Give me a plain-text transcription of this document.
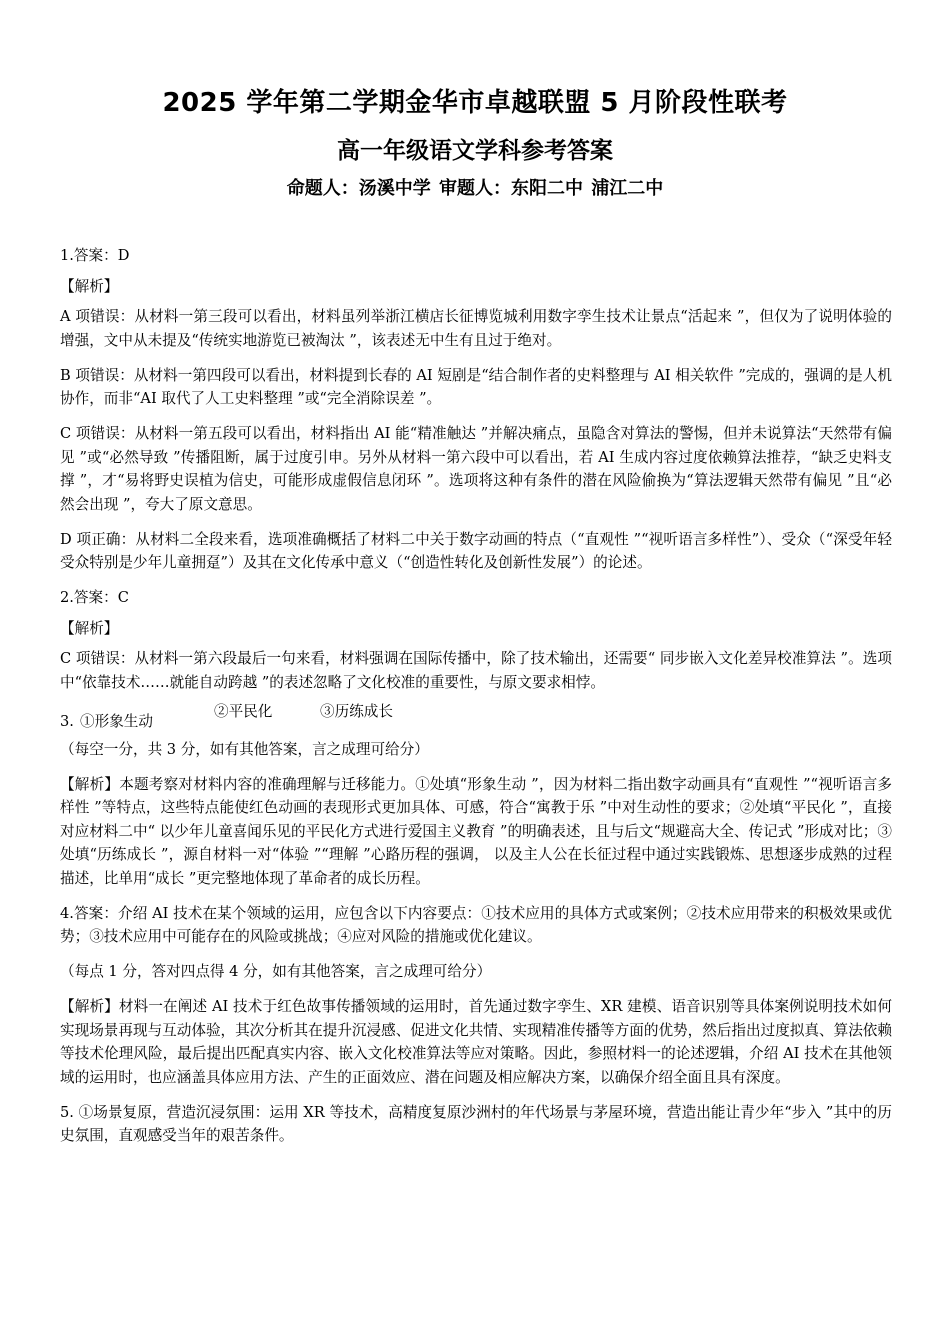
2025 学年第二学期金华市卓越联盟 5 月阶段性联考
高一年级语文学科参考答案
命题人：汤溪中学 审题人：东阳二中 浦江二中

1.答案：D

【解析】

A 项错误：从材料一第三段可以看出，材料虽列举浙江横店长征博览城利用数字孪生技术让景点“活起来 ”，但仅为了说明体验的增强，文中从未提及“传统实地游览已被淘汰 ”，该表述无中生有且过于绝对。

B 项错误：从材料一第四段可以看出，材料提到长春的 AI 短剧是“结合制作者的史料整理与 AI 相关软件 ”完成的，强调的是人机协作，而非“AI 取代了人工史料整理 ”或“完全消除误差 ”。

C 项错误：从材料一第五段可以看出，材料指出 AI 能“精准触达 ”并解决痛点，虽隐含对算法的警惕，但并未说算法“天然带有偏见 ”或“必然导致 ”传播阻断，属于过度引申。另外从材料一第六段中可以看出，若 AI 生成内容过度依赖算法推荐，“缺乏史料支撑 ”，才“易将野史误植为信史，可能形成虚假信息闭环 ”。选项将这种有条件的潜在风险偷换为“算法逻辑天然带有偏见 ”且“必然会出现 ”，夸大了原文意思。

D 项正确：从材料二全段来看，选项准确概括了材料二中关于数字动画的特点（“直观性 ”“视听语言多样性”）、受众（“深受年轻受众特别是少年儿童拥趸”）及其在文化传承中意义（“创造性转化及创新性发展”）的论述。

2.答案：C

【解析】

C 项错误：从材料一第六段最后一句来看，材料强调在国际传播中，除了技术输出，还需要“ 同步嵌入文化差异校准算法 ”。选项中“依靠技术……就能自动跨越 ”的表述忽略了文化校准的重要性，与原文要求相悖。

3. ①形象生动
②平民化	③历练成长

（每空一分，共 3 分，如有其他答案，言之成理可给分）

【解析】本题考察对材料内容的准确理解与迁移能力。①处填“形象生动 ”，因为材料二指出数字动画具有“直观性 ”“视听语言多样性 ”等特点，这些特点能使红色动画的表现形式更加具体、可感，符合“寓教于乐 ”中对生动性的要求；②处填“平民化 ”，直接对应材料二中“ 以少年儿童喜闻乐见的平民化方式进行爱国主义教育 ”的明确表述，且与后文“规避高大全、传记式 ”形成对比；③处填“历练成长 ”，源自材料一对“体验 ”“理解 ”心路历程的强调， 以及主人公在长征过程中通过实践锻炼、思想逐步成熟的过程描述，比单用“成长 ”更完整地体现了革命者的成长历程。

4.答案：介绍 AI 技术在某个领域的运用，应包含以下内容要点：①技术应用的具体方式或案例；②技术应用带来的积极效果或优势；③技术应用中可能存在的风险或挑战；④应对风险的措施或优化建议。

（每点 1 分，答对四点得 4 分，如有其他答案，言之成理可给分）

【解析】材料一在阐述 AI 技术于红色故事传播领域的运用时，首先通过数字孪生、XR 建模、语音识别等具体案例说明技术如何实现场景再现与互动体验，其次分析其在提升沉浸感、促进文化共情、实现精准传播等方面的优势，然后指出过度拟真、算法依赖等技术伦理风险，最后提出匹配真实内容、嵌入文化校准算法等应对策略。因此，参照材料一的论述逻辑，介绍 AI 技术在其他领域的运用时，也应涵盖具体应用方法、产生的正面效应、潜在问题及相应解决方案，以确保介绍全面且具有深度。

5. ①场景复原，营造沉浸氛围：运用 XR 等技术，高精度复原沙洲村的年代场景与茅屋环境，营造出能让青少年“步入 ”其中的历史氛围，直观感受当年的艰苦条件。
